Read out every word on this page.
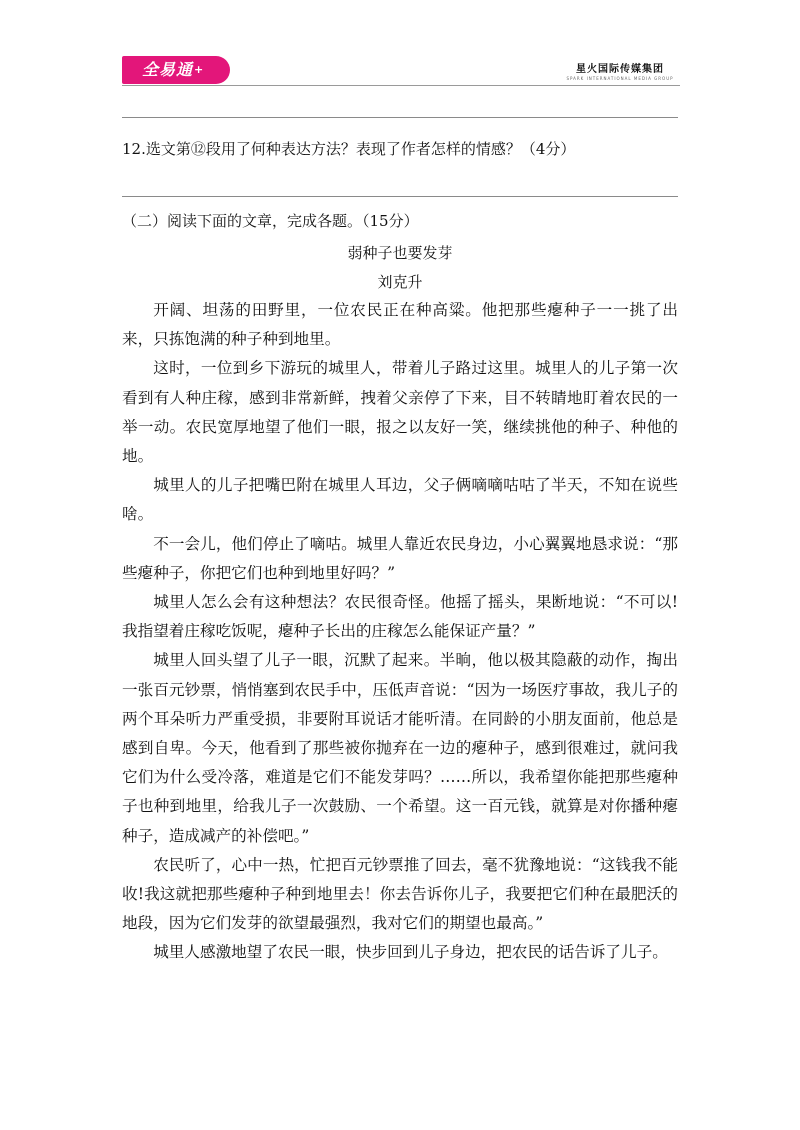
全易通+	星火国际传媒集团
SPARK INTERNATIONAL MEDIA GROUP
12.选文第⑫段用了何种表达方法？表现了作者怎样的情感？（4分）
（二）阅读下面的文章，完成各题。（15分）
弱种子也要发芽
刘克升

开阔、坦荡的田野里，一位农民正在种高粱。他把那些瘪种子一一挑了出来，只拣饱满的种子种到地里。

这时，一位到乡下游玩的城里人，带着儿子路过这里。城里人的儿子第一次看到有人种庄稼，感到非常新鲜，拽着父亲停了下来，目不转睛地盯着农民的一举一动。农民宽厚地望了他们一眼，报之以友好一笑，继续挑他的种子、种他的地。

城里人的儿子把嘴巴附在城里人耳边，父子俩嘀嘀咕咕了半天，不知在说些啥。

不一会儿，他们停止了嘀咕。城里人靠近农民身边，小心翼翼地恳求说：“那些瘪种子，你把它们也种到地里好吗？”

城里人怎么会有这种想法？农民很奇怪。他摇了摇头，果断地说：“不可以!我指望着庄稼吃饭呢，瘪种子长出的庄稼怎么能保证产量？”

城里人回头望了儿子一眼，沉默了起来。半晌，他以极其隐蔽的动作，掏出一张百元钞票，悄悄塞到农民手中，压低声音说：“因为一场医疗事故，我儿子的两个耳朵听力严重受损，非要附耳说话才能听清。在同龄的小朋友面前，他总是感到自卑。今天，他看到了那些被你抛弃在一边的瘪种子，感到很难过，就问我它们为什么受冷落，难道是它们不能发芽吗？……所以，我希望你能把那些瘪种子也种到地里，给我儿子一次鼓励、一个希望。这一百元钱，就算是对你播种瘪种子，造成减产的补偿吧。”

农民听了，心中一热，忙把百元钞票推了回去，毫不犹豫地说：“这钱我不能收!我这就把那些瘪种子种到地里去！你去告诉你儿子，我要把它们种在最肥沃的地段，因为它们发芽的欲望最强烈，我对它们的期望也最高。”

城里人感激地望了农民一眼，快步回到儿子身边，把农民的话告诉了儿子。
